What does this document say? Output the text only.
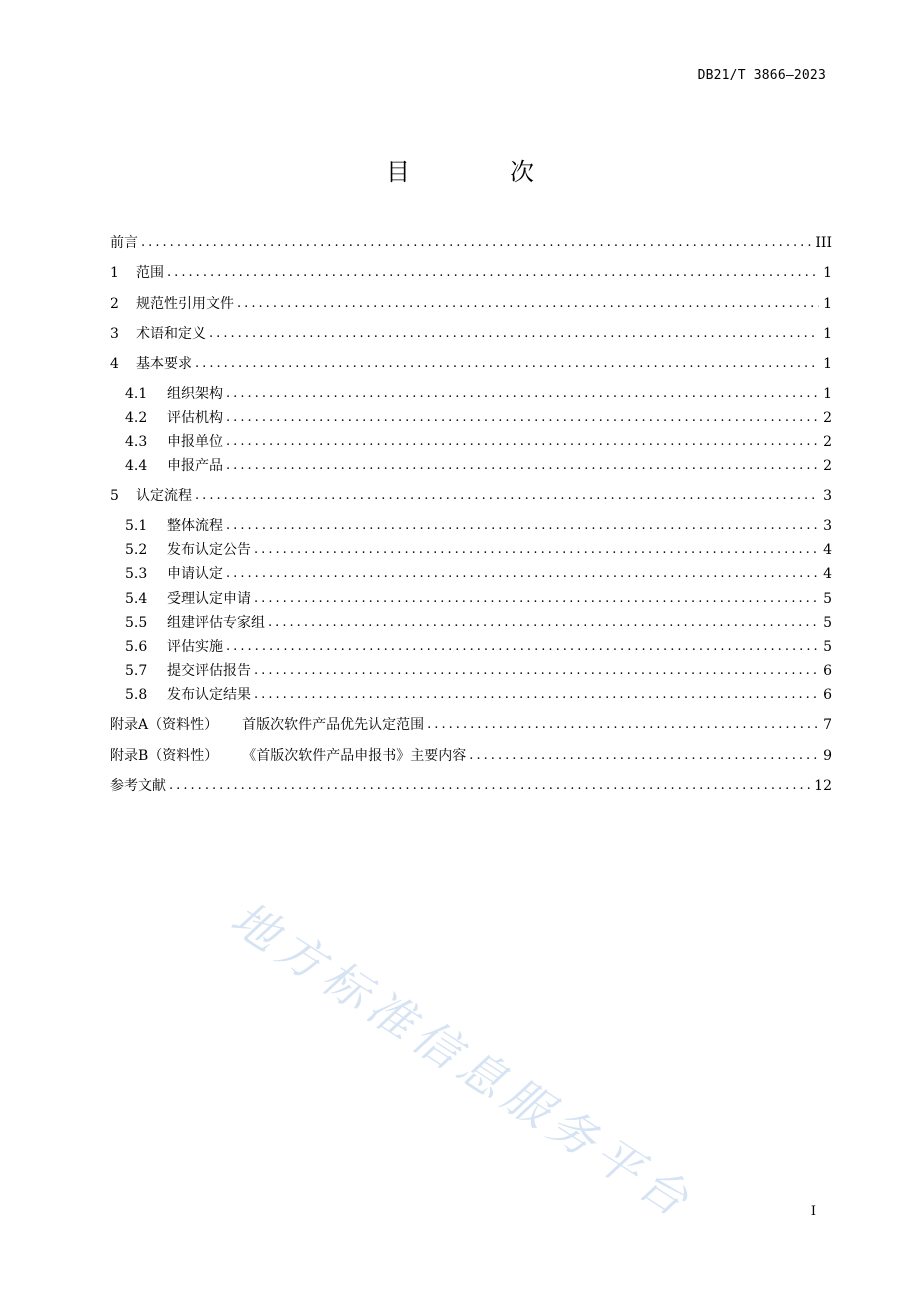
DB21/T 3866—2023
目　次
地方标准信息服务平台
前言 . . .	III
1	范围 . . .	1
2	规范性引用文件 . . .	1
3	术语和定义 . . .	1
4	基本要求 . . .	1
4.1	组织架构 . . .	1
4.2	评估机构 . . .	2
4.3	申报单位 . . .	2
4.4	申报产品 . . .	2
5	认定流程 . . .	3
5.1	整体流程 . . .	3
5.2	发布认定公告 . . .	4
5.3	申请认定 . . .	4
5.4	受理认定申请 . . .	5
5.5	组建评估专家组 . . .	5
5.6	评估实施 . . .	5
5.7	提交评估报告 . . .	6
5.8	发布认定结果 . . .	6
附录A（资料性） 首版次软件产品优先认定范围 . . .	7
附录B（资料性） 《首版次软件产品申报书》主要内容 . . .	9
参考文献 . . .	12
I
